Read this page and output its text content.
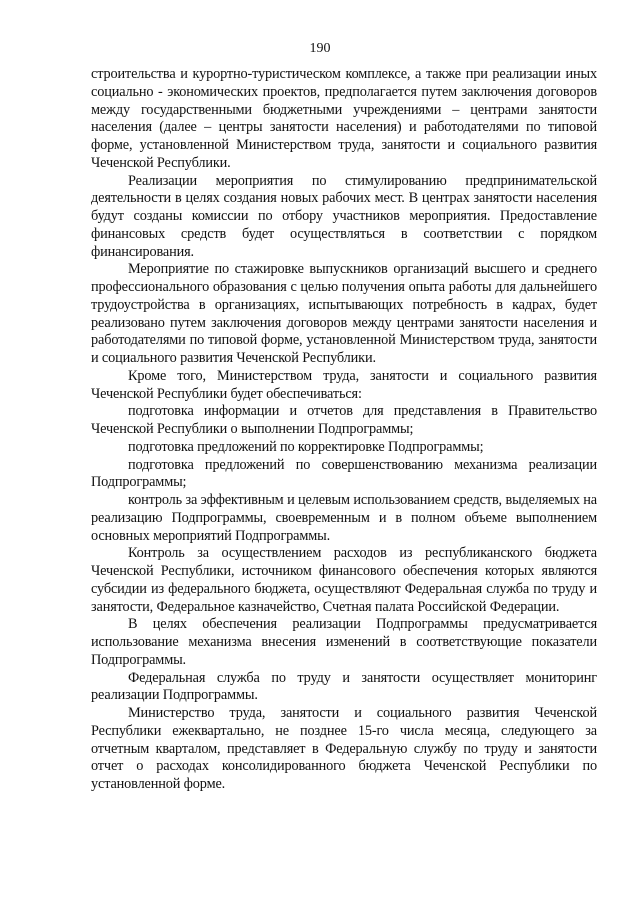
190

строительства и курортно-туристическом комплексе, а также при реализации иных социально - экономических проектов, предполагается путем заключения договоров между государственными бюджетными учреждениями – центрами занятости населения (далее – центры занятости населения) и работодателями по типовой форме, установленной Министерством труда, занятости и социального развития Чеченской Республики.

Реализации мероприятия по стимулированию предпринимательской деятельности в целях создания новых рабочих мест. В центрах занятости населения будут созданы комиссии по отбору участников мероприятия. Предоставление финансовых средств будет осуществляться в соответствии с порядком финансирования.

Мероприятие по стажировке выпускников организаций высшего и среднего профессионального образования с целью получения опыта работы для дальнейшего трудоустройства в организациях, испытывающих потребность в кадрах, будет реализовано путем заключения договоров между центрами занятости населения и работодателями по типовой форме, установленной Министерством труда, занятости и социального развития Чеченской Республики.

Кроме того, Министерством труда, занятости и социального развития Чеченской Республики будет обеспечиваться:

подготовка информации и отчетов для представления в Правительство Чеченской Республики о выполнении Подпрограммы;

подготовка предложений по корректировке Подпрограммы;

подготовка предложений по совершенствованию механизма реализации Подпрограммы;

контроль за эффективным и целевым использованием средств, выделяемых на реализацию Подпрограммы, своевременным и в полном объеме выполнением основных мероприятий Подпрограммы.

Контроль за осуществлением расходов из республиканского бюджета Чеченской Республики, источником финансового обеспечения которых являются субсидии из федерального бюджета, осуществляют Федеральная служба по труду и занятости, Федеральное казначейство, Счетная палата Российской Федерации.

В целях обеспечения реализации Подпрограммы предусматривается использование механизма внесения изменений в соответствующие показатели Подпрограммы.

Федеральная служба по труду и занятости осуществляет мониторинг реализации Подпрограммы.

Министерство труда, занятости и социального развития Чеченской Республики ежеквартально, не позднее 15-го числа месяца, следующего за отчетным кварталом, представляет в Федеральную службу по труду и занятости отчет о расходах консолидированного бюджета Чеченской Республики по установленной форме.
